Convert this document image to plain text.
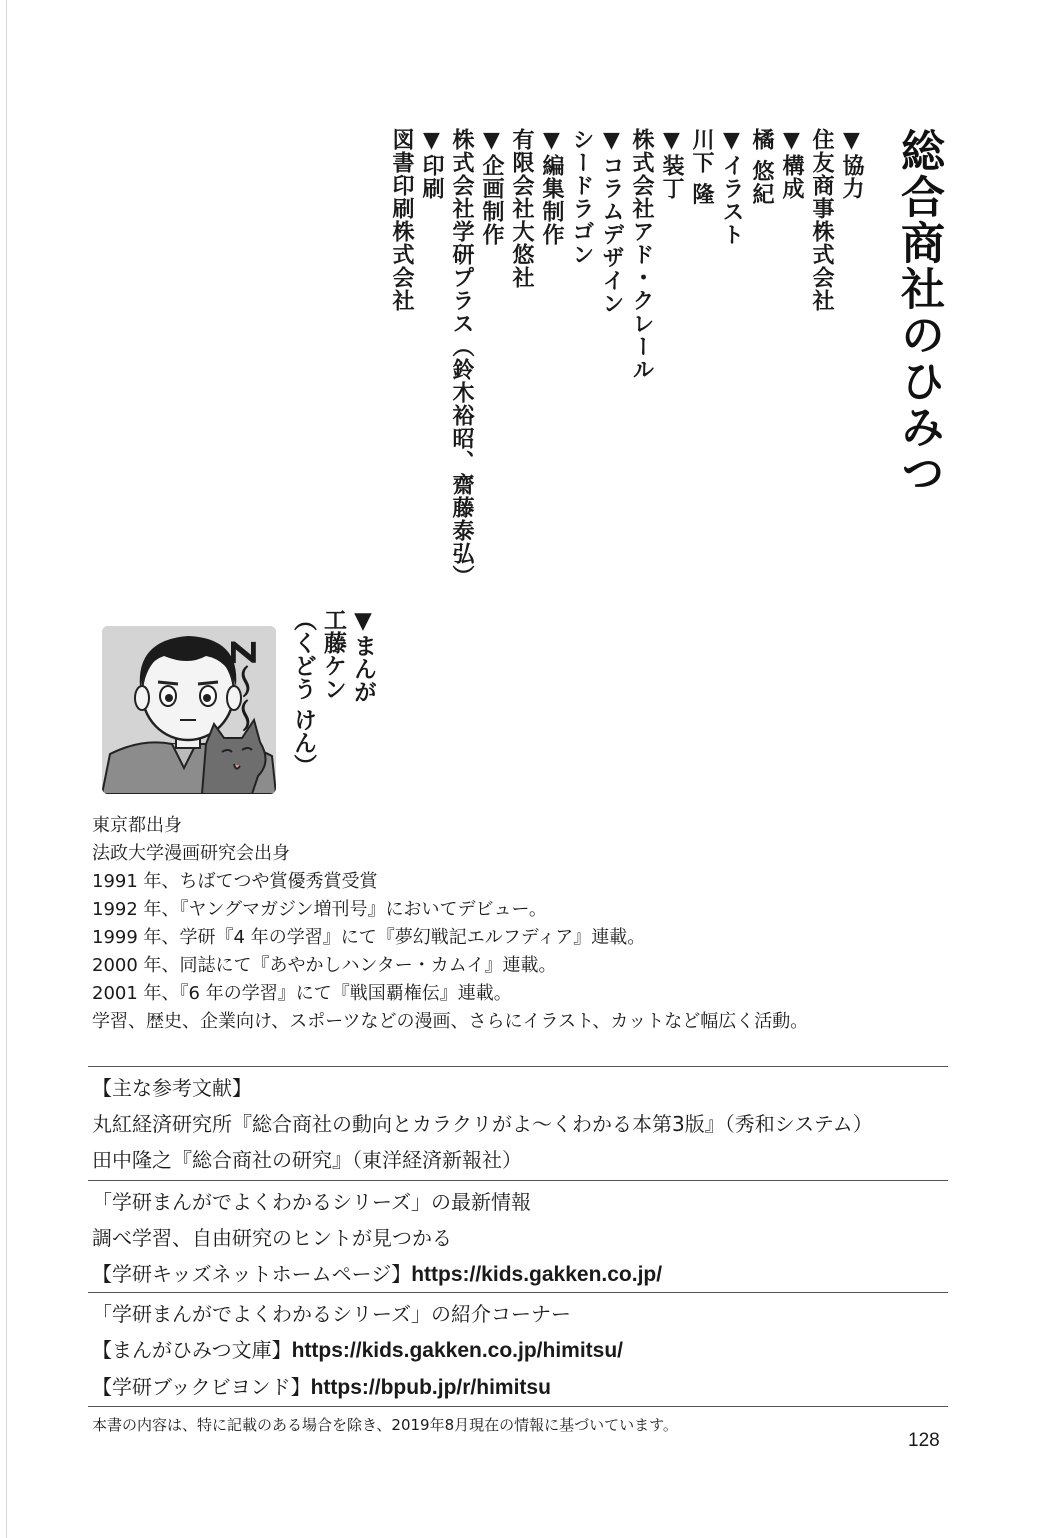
総合商社のひみつ
▼協力
住友商事株式会社
▼構成
橘 悠紀
▼イラスト
川下 隆
▼装丁
株式会社アド・クレール
▼コラムデザイン
シードラゴン
▼編集制作
有限会社大悠社
▼企画制作
株式会社学研プラス（鈴木裕昭、齋藤泰弘）
▼印刷
図書印刷株式会社
Z〜〜	▼まんが
工藤ケン
（くどう けん）
東京都出身
法政大学漫画研究会出身
1991 年、ちばてつや賞優秀賞受賞
1992 年、『ヤングマガジン増刊号』においてデビュー。
1999 年、学研『4 年の学習』にて『夢幻戦記エルフディア』連載。
2000 年、同誌にて『あやかしハンター・カムイ』連載。
2001 年、『6 年の学習』にて『戦国覇権伝』連載。
学習、歴史、企業向け、スポーツなどの漫画、さらにイラスト、カットなど幅広く活動。
【主な参考文献】
丸紅経済研究所『総合商社の動向とカラクリがよ〜くわかる本第3版』（秀和システム）
田中隆之『総合商社の研究』（東洋経済新報社）
「学研まんがでよくわかるシリーズ」の最新情報
調べ学習、自由研究のヒントが見つかる
【学研キッズネットホームページ】https://kids.gakken.co.jp/
「学研まんがでよくわかるシリーズ」の紹介コーナー
【まんがひみつ文庫】https://kids.gakken.co.jp/himitsu/
【学研ブックビヨンド】https://bpub.jp/r/himitsu
本書の内容は、特に記載のある場合を除き、2019年8月現在の情報に基づいています。
128
